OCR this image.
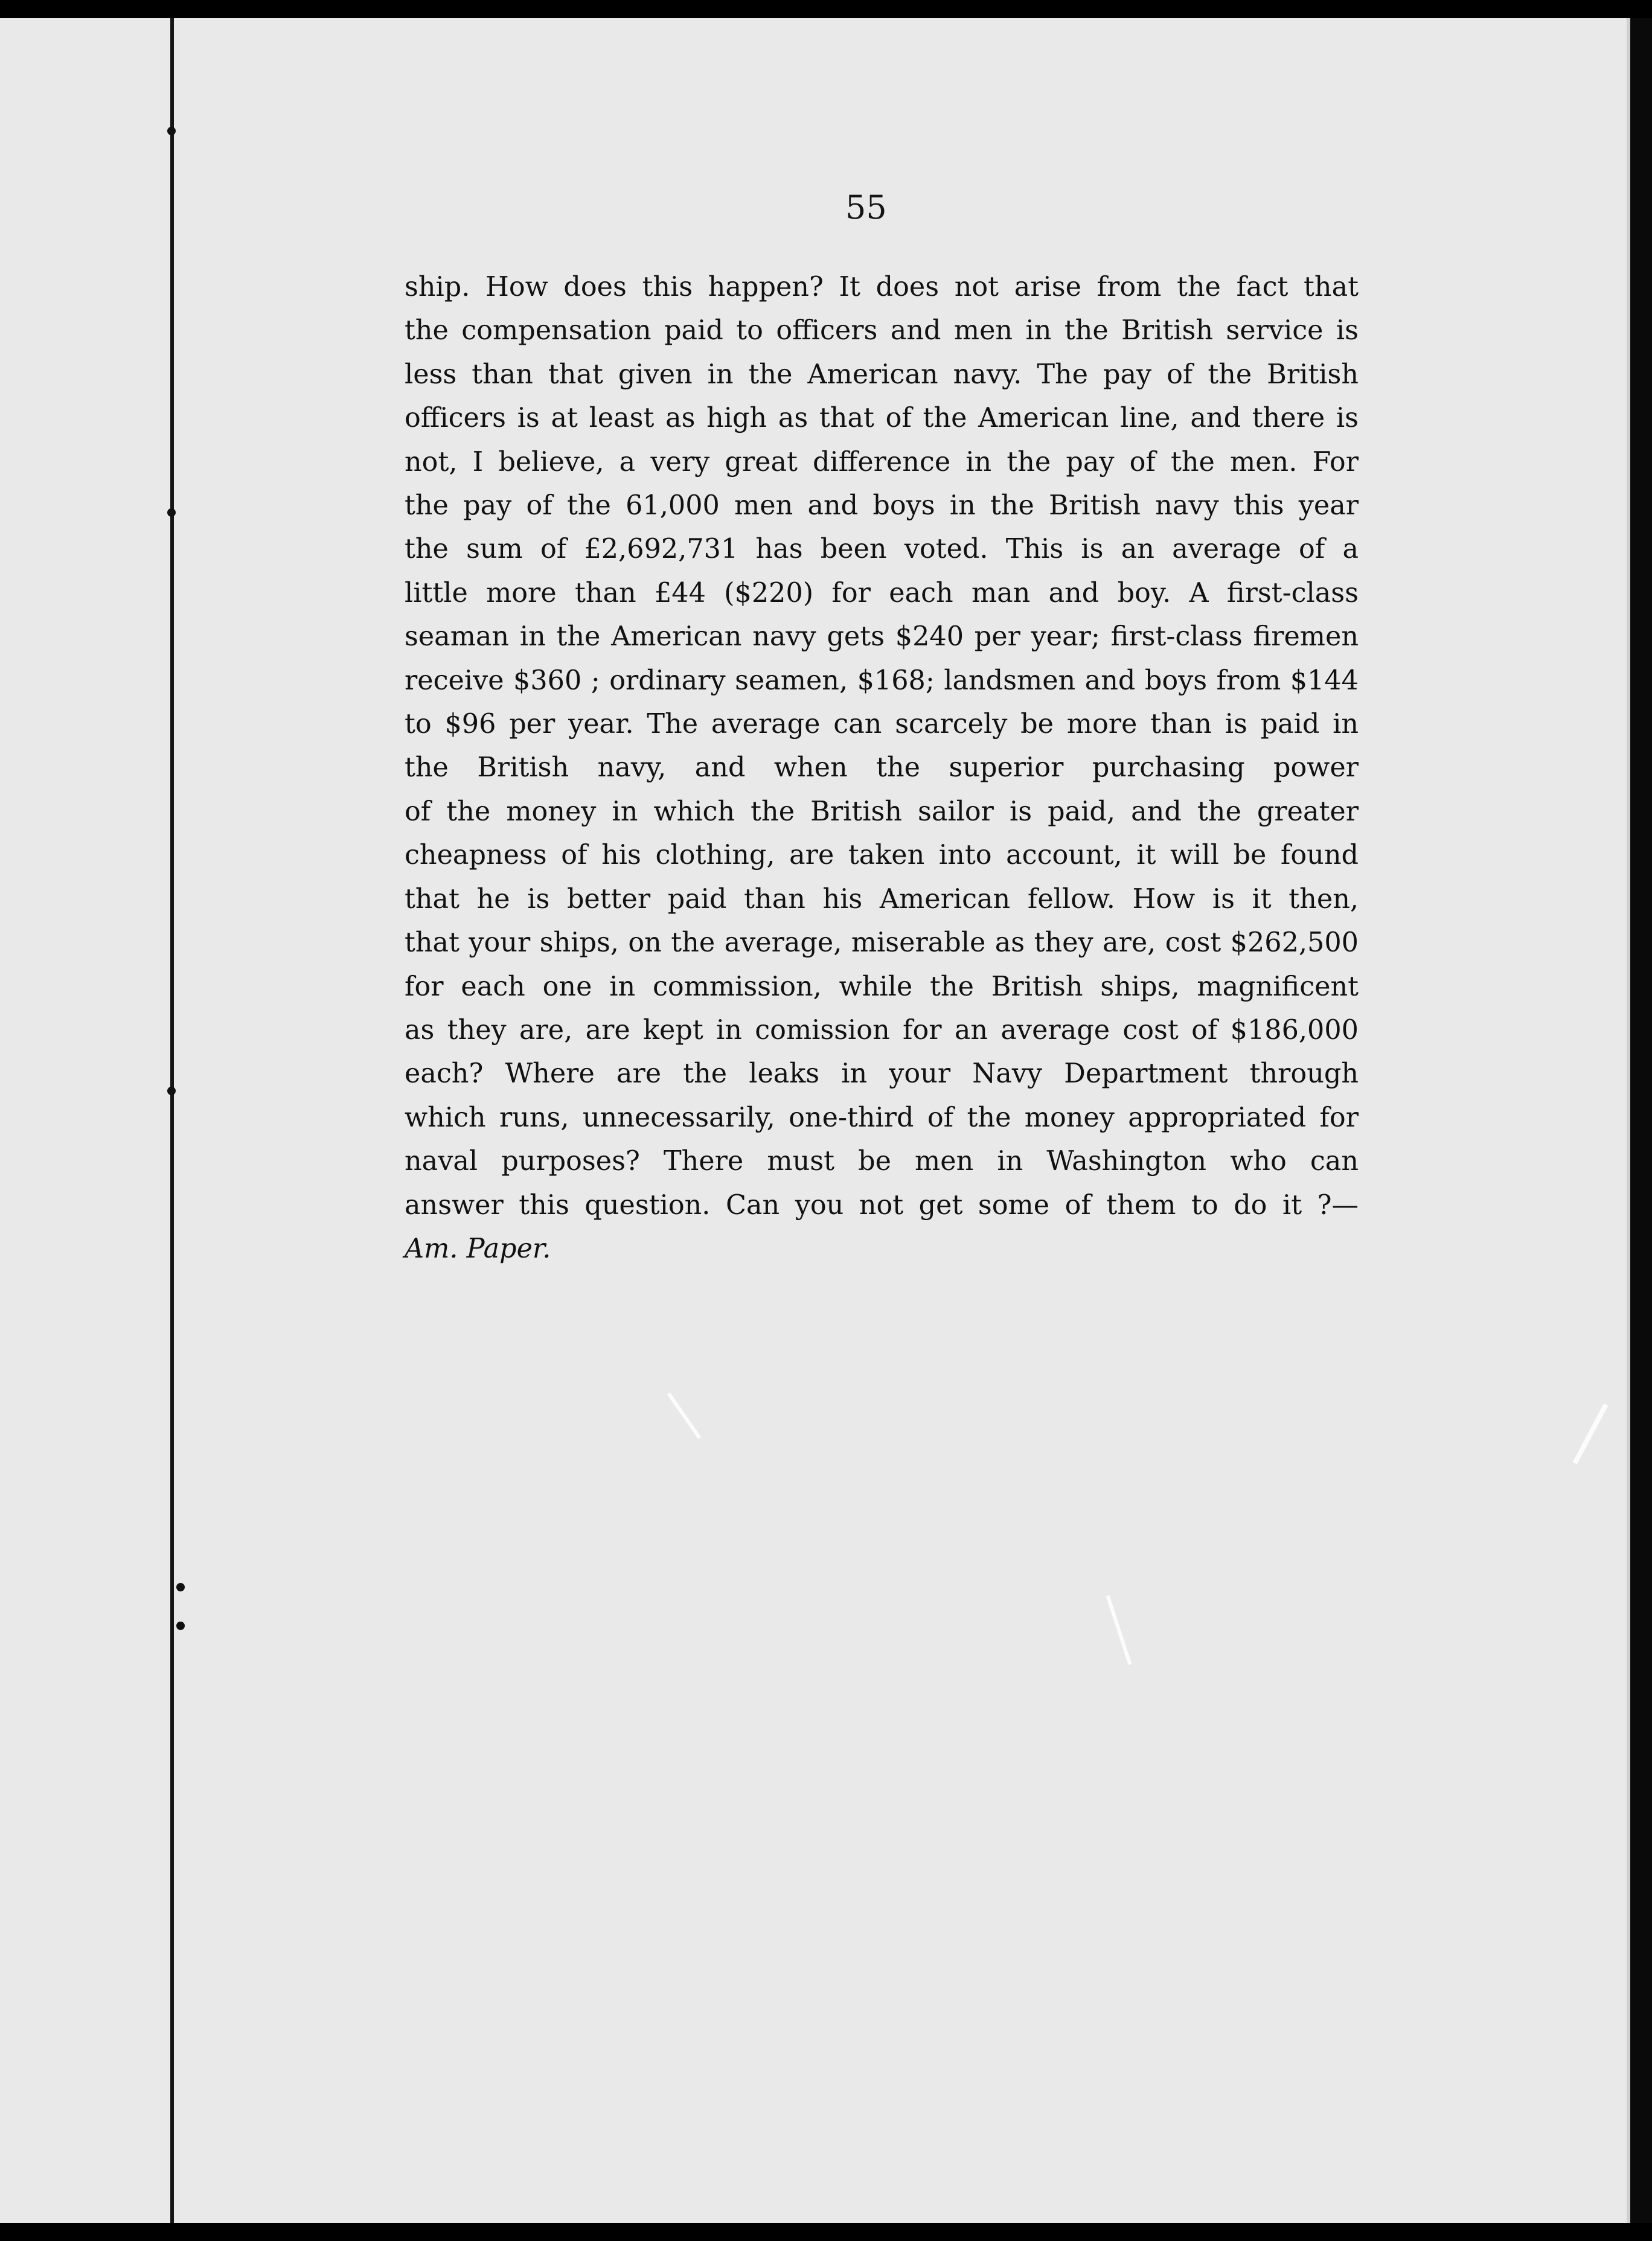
55
ship. How does this happen? It does not arise from the fact that
the compensation paid to officers and men in the British service is
less than that given in the American navy. The pay of the British
officers is at least as high as that of the American line, and there is
not, I believe, a very great difference in the pay of the men. For
the pay of the 61,000 men and boys in the British navy this year
the sum of £2,692,731 has been voted. This is an average of a
little more than £44 ($220) for each man and boy. A first-class
seaman in the American navy gets $240 per year; first-class firemen
receive $360 ; ordinary seamen, $168; landsmen and boys from $144
to $96 per year. The average can scarcely be more than is paid in
the British navy, and when the superior purchasing power
of the money in which the British sailor is paid, and the greater
cheapness of his clothing, are taken into account, it will be found
that he is better paid than his American fellow. How is it then,
that your ships, on the average, miserable as they are, cost $262,500
for each one in commission, while the British ships, magnificent
as they are, are kept in comission for an average cost of $186,000
each? Where are the leaks in your Navy Department through
which runs, unnecessarily, one-third of the money appropriated for
naval purposes? There must be men in Washington who can
answer this question. Can you not get some of them to do it ?—
Am. Paper.
